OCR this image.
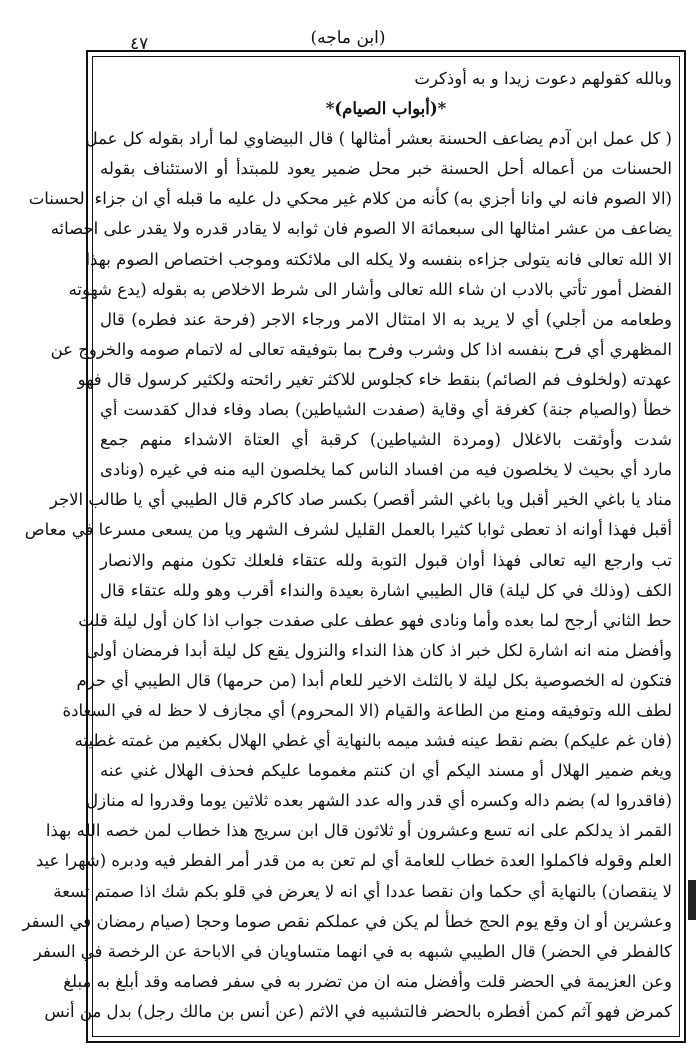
٤٧	(ابن ماجه)
وبالله كقولهم دعوت زيدا و به أوذكرت
*(أبواب الصيام)*
( كل عمل ابن آدم يضاعف الحسنة بعشر أمثالها ) قال البيضاوي لما أراد بقوله كل عمل
الحسنات من أعماله أحل الحسنة خبر محل ضمير يعود للمبتدأ أو الاستئناف بقوله
(الا الصوم فانه لي وانا أجزي به) كأنه من كلام غير محكي دل عليه ما قبله أي ان جزاء الحسنات
يضاعف من عشر امثالها الى سبعمائة الا الصوم فان ثوابه لا يقادر قدره ولا يقدر على احصائه
الا الله تعالى فانه يتولى جزاءه بنفسه ولا يكله الى ملائكته وموجب اختصاص الصوم بهذا
الفضل أمور تأتي بالادب ان شاء الله تعالى وأشار الى شرط الاخلاص به بقوله (يدع شهوته
وطعامه من أجلي) أي لا يريد به الا امتثال الامر ورجاء الاجر (فرحة عند فطره) قال
المظهري أي فرح بنفسه اذا كل وشرب وفرح بما بتوفيقه تعالى له لاتمام صومه والخروج عن
عهدته (ولخلوف فم الصائم) بنقط خاء كجلوس للاكثر تغير رائحته ولكثير كرسول قال فهو
خطأ (والصيام جنة) كغرفة أي وقاية (صفدت الشياطين) بصاد وفاء فدال كقدست أي
شدت وأوثقت بالاغلال (ومردة الشياطين) كرقبة أي العتاة الاشداء منهم جمع
مارد أي بحيث لا يخلصون فيه من افساد الناس كما يخلصون اليه منه في غيره (ونادى
مناد يا باغي الخير أقبل ويا باغي الشر أقصر) بكسر صاد كاكرم قال الطيبي أي يا طالب الاجر
أقبل فهذا أوانه اذ تعطى ثوابا كثيرا بالعمل القليل لشرف الشهر ويا من يسعى مسرعا في معاص
تب وارجع اليه تعالى فهذا أوان قبول التوبة ولله عتقاء فلعلك تكون منهم والانصار
الكف (وذلك في كل ليلة) قال الطيبي اشارة بعيدة والنداء أقرب وهو ولله عتقاء قال
حط الثاني أرجح لما بعده وأما ونادى فهو عطف على صفدت جواب اذا كان أول ليلة قلت
وأفضل منه انه اشارة لكل خبر اذ كان هذا النداء والنزول يقع كل ليلة أبدا فرمضان أولى
فتكون له الخصوصية بكل ليلة لا بالثلث الاخير للعام أبدا (من حرمها) قال الطيبي أي حرم
لطف الله وتوفيقه ومنع من الطاعة والقيام (الا المحروم) أي مجازف لا حظ له في السعادة
(فان غم عليكم) بضم نقط عينه فشد ميمه بالنهاية أي غطي الهلال بكغيم من غمته غطيته
ويغم ضمير الهلال أو مسند اليكم أي ان كنتم مغموما عليكم فحذف الهلال غني عنه
(فاقدروا له) بضم داله وكسره أي قدر واله عدد الشهر بعده ثلاثين يوما وقدروا له منازل
القمر اذ يدلكم على انه تسع وعشرون أو ثلاثون قال ابن سريج هذا خطاب لمن خصه الله بهذا
العلم وقوله فاكملوا العدة خطاب للعامة أي لم تعن به من قدر أمر الفطر فيه ودبره (شهرا عيد
لا ينقصان) بالنهاية أي حكما وان نقصا عددا أي انه لا يعرض في قلو بكم شك اذا صمتم تسعة
وعشرين أو ان وقع يوم الحج خطأ لم يكن في عملكم نقص صوما وحجا (صيام رمضان في السفر
كالفطر في الحضر) قال الطيبي شبهه به في انهما متساويان في الاباحة عن الرخصة في السفر
وعن العزيمة في الحضر قلت وأفضل منه ان من تضرر به في سفر فصامه وقد أبلغ به مبلغ
كمرض فهو آثم كمن أفطره بالحضر فالتشبيه في الاثم (عن أنس بن مالك رجل) بدل من أنس
